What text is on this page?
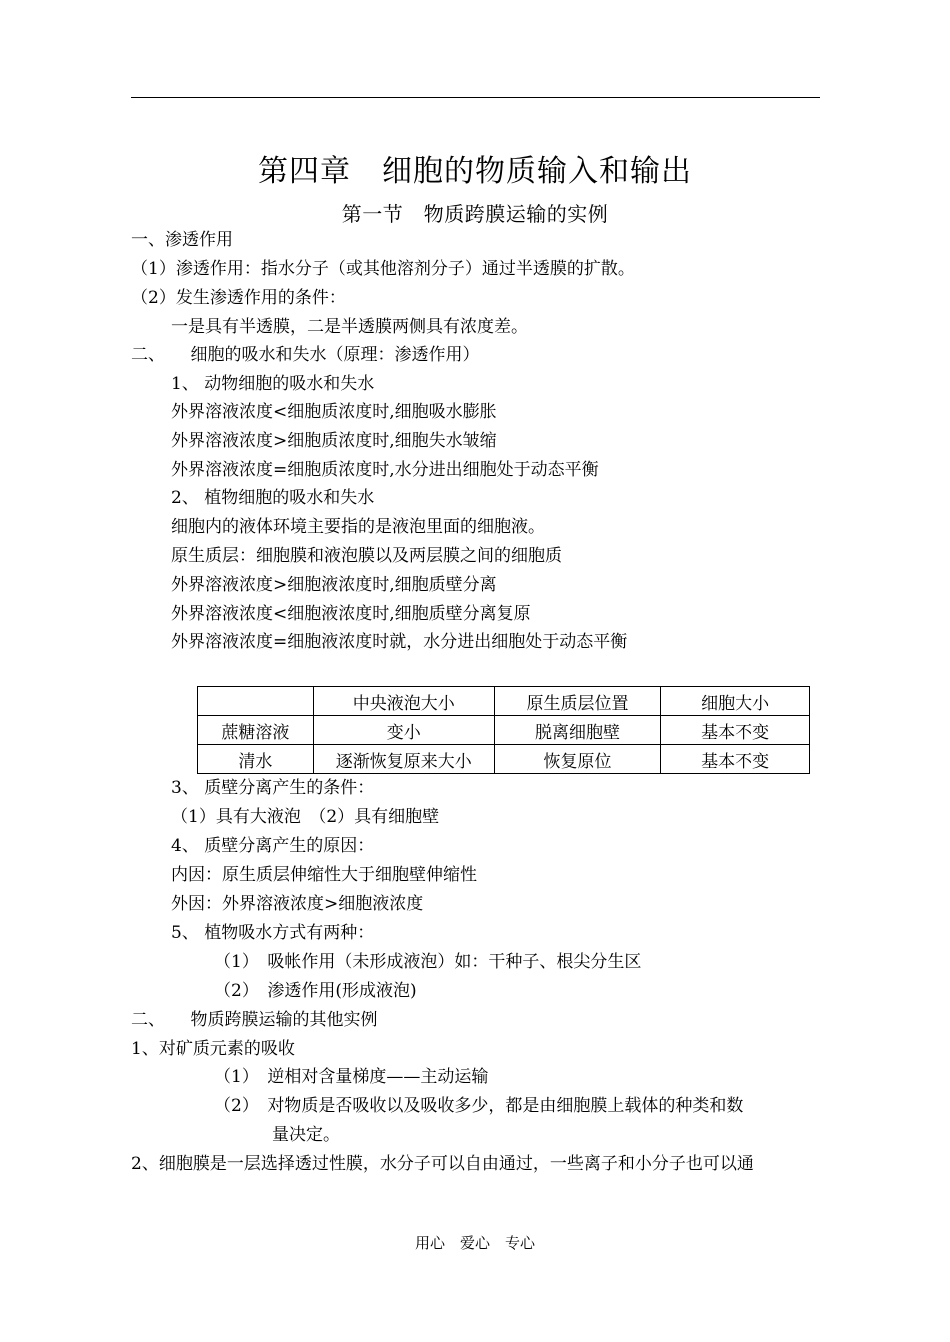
第四章　细胞的物质输入和输出
第一节　物质跨膜运输的实例
一、渗透作用
（1）渗透作用：指水分子（或其他溶剂分子）通过半透膜的扩散。
（2）发生渗透作用的条件：
一是具有半透膜，二是半透膜两侧具有浓度差。
二、　　细胞的吸水和失水（原理：渗透作用）
1、 动物细胞的吸水和失水
外界溶液浓度<细胞质浓度时,细胞吸水膨胀
外界溶液浓度>细胞质浓度时,细胞失水皱缩
外界溶液浓度=细胞质浓度时,水分进出细胞处于动态平衡
2、 植物细胞的吸水和失水
细胞内的液体环境主要指的是液泡里面的细胞液。
原生质层：细胞膜和液泡膜以及两层膜之间的细胞质
外界溶液浓度>细胞液浓度时,细胞质壁分离
外界溶液浓度<细胞液浓度时,细胞质壁分离复原
外界溶液浓度=细胞液浓度时就，水分进出细胞处于动态平衡
	中央液泡大小	原生质层位置	细胞大小
蔗糖溶液	变小	脱离细胞壁	基本不变
清水	逐渐恢复原来大小	恢复原位	基本不变
3、 质壁分离产生的条件：
（1）具有大液泡　（2）具有细胞壁
4、 质壁分离产生的原因：
内因：原生质层伸缩性大于细胞壁伸缩性
外因：外界溶液浓度>细胞液浓度
5、 植物吸水方式有两种：
（1）　吸帐作用（未形成液泡）如：干种子、根尖分生区
（2）　渗透作用(形成液泡)
二、　　物质跨膜运输的其他实例
1、对矿质元素的吸收
（1）　逆相对含量梯度——主动运输
（2）　对物质是否吸收以及吸收多少，都是由细胞膜上载体的种类和数
量决定。
2、细胞膜是一层选择透过性膜，水分子可以自由通过，一些离子和小分子也可以通
用心　爱心　专心
